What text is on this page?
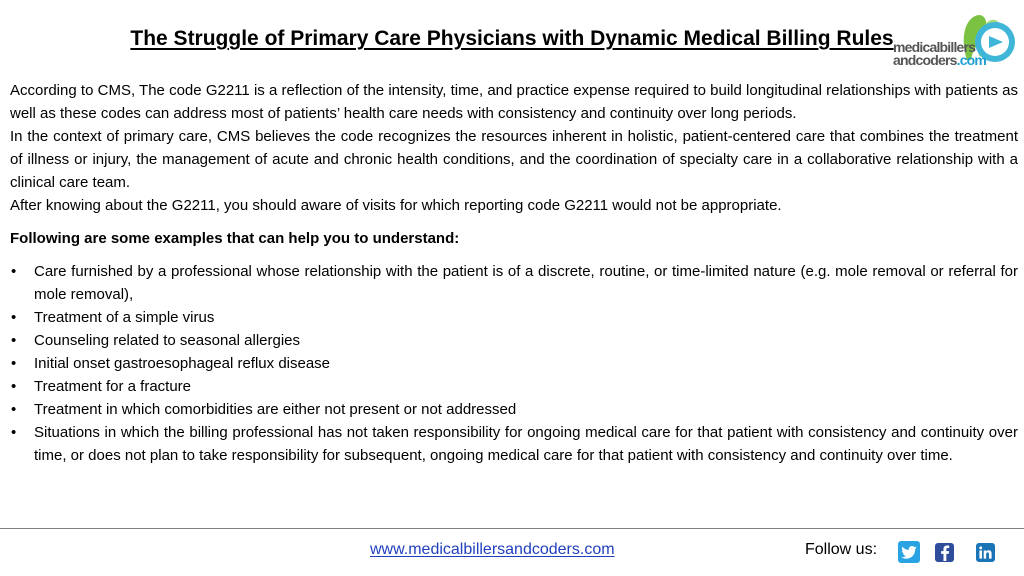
The Struggle of Primary Care Physicians with Dynamic Medical Billing Rules medicalbillers
andcoders.com

According to CMS, The code G2211 is a reflection of the intensity, time, and practice expense required to build longitudinal relationships with patients as well as these codes can address most of patients’ health care needs with consistency and continuity over long periods.

In the context of primary care, CMS believes the code recognizes the resources inherent in holistic, patient-centered care that combines the treatment of illness or injury, the management of acute and chronic health conditions, and the coordination of specialty care in a collaborative relationship with a clinical care team.

After knowing about the G2211, you should aware of visits for which reporting code G2211 would not be appropriate.

Following are some examples that can help you to understand:

• Care furnished by a professional whose relationship with the patient is of a discrete, routine, or time-limited nature (e.g. mole removal or referral for mole removal),
• Treatment of a simple virus
• Counseling related to seasonal allergies
• Initial onset gastroesophageal reflux disease
• Treatment for a fracture
• Treatment in which comorbidities are either not present or not addressed
• Situations in which the billing professional has not taken responsibility for ongoing medical care for that patient with consistency and continuity over time, or does not plan to take responsibility for subsequent, ongoing medical care for that patient with consistency and continuity over time.
www.medicalbillersandcoders.com	Follow us:
